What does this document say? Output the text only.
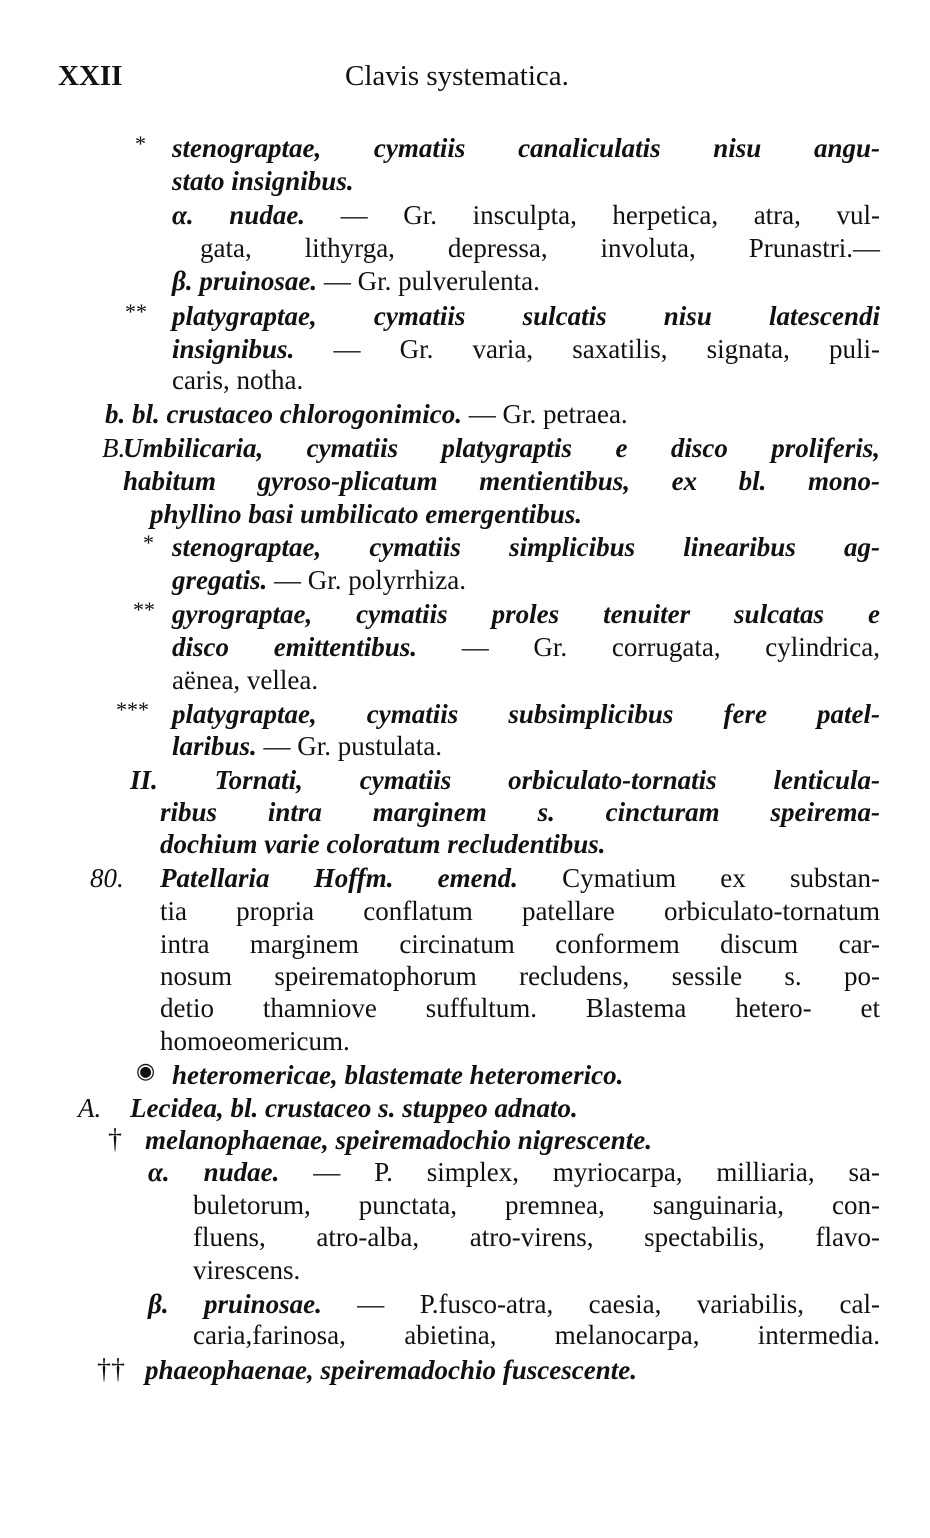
XXII	Clavis systematica.
stenograptae, cymatiis canaliculatis nisu angu-
*
stato insignibus.
α. nudae. — Gr. insculpta, herpetica, atra, vul-
gata, lithyrga, depressa, involuta, Prunastri.—
β. pruinosae. — Gr. pulverulenta.
platygraptae, cymatiis sulcatis nisu latescendi
**
insignibus. — Gr. varia, saxatilis, signata, puli-
caris, notha.
b. bl. crustaceo chlorogonimico. — Gr. petraea.
Umbilicaria, cymatiis platygraptis e disco proliferis,
B.
habitum gyroso-plicatum mentientibus, ex bl. mono-
phyllino basi umbilicato emergentibus.
stenograptae, cymatiis simplicibus linearibus ag-
*
gregatis. — Gr. polyrrhiza.
gyrograptae, cymatiis proles tenuiter sulcatas e
**
disco emittentibus. — Gr. corrugata, cylindrica,
aënea, vellea.
platygraptae, cymatiis subsimplicibus fere patel-
***
laribus. — Gr. pustulata.
II. Tornati, cymatiis orbiculato-tornatis lenticula-
ribus intra marginem s. cincturam speirema-
dochium varie coloratum recludentibus.
Patellaria Hoffm. emend. Cymatium ex substan-
80.
tia propria conflatum patellare orbiculato-tornatum
intra marginem circinatum conformem discum car-
nosum speirematophorum recludens, sessile s. po-
detio thamniove suffultum. Blastema hetero- et
homoeomericum.
heteromericae, blastemate heteromerico.
◉
Lecidea, bl. crustaceo s. stuppeo adnato.
A.
melanophaenae, speiremadochio nigrescente.
†
α. nudae. — P. simplex, myriocarpa, milliaria, sa-
buletorum, punctata, premnea, sanguinaria, con-
fluens, atro-alba, atro-virens, spectabilis, flavo-
virescens.
β. pruinosae. — P.fusco-atra, caesia, variabilis, cal-
caria,farinosa, abietina, melanocarpa, intermedia.
phaeophaenae, speiremadochio fuscescente.
††
